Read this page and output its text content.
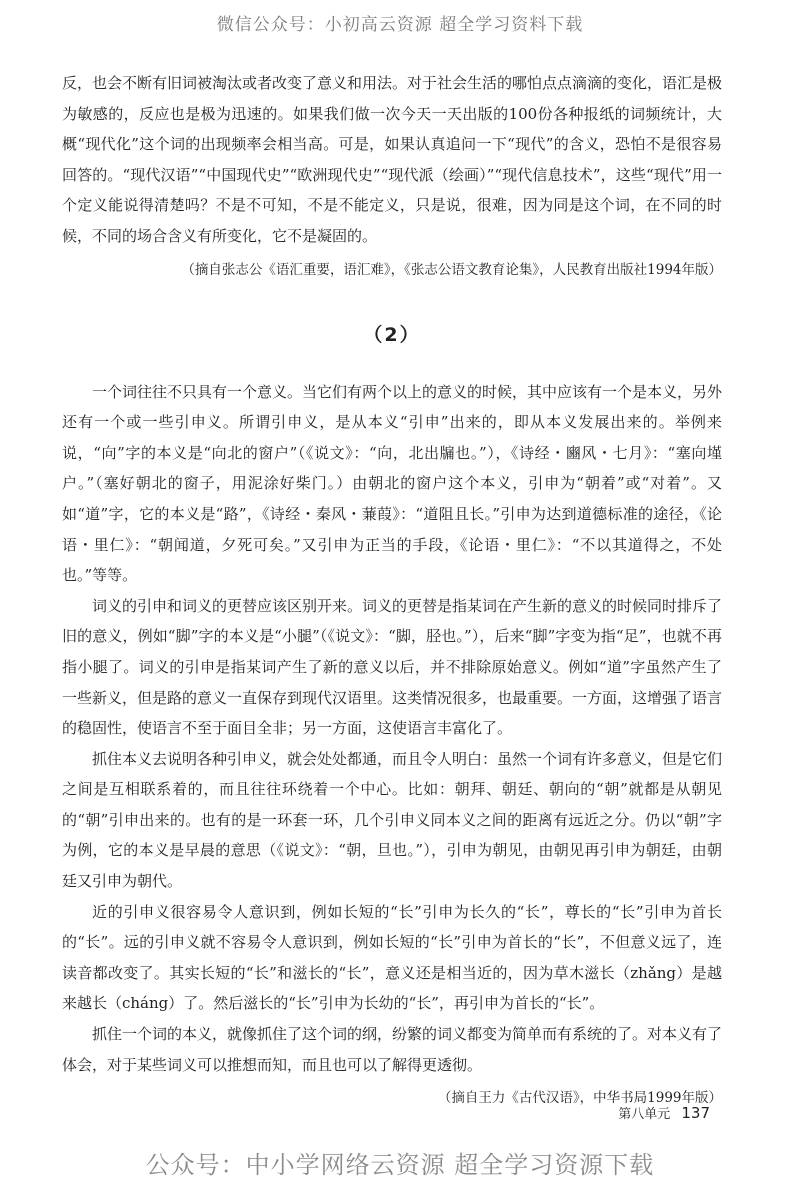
微信公众号：小初高云资源 超全学习资料下载

反，也会不断有旧词被淘汰或者改变了意义和用法。对于社会生活的哪怕点点滴滴的变化，语汇是极为敏感的，反应也是极为迅速的。如果我们做一次今天一天出版的100份各种报纸的词频统计，大概“现代化”这个词的出现频率会相当高。可是，如果认真追问一下“现代”的含义，恐怕不是很容易回答的。“现代汉语”“中国现代史”“欧洲现代史”“现代派（绘画）”“现代信息技术”，这些“现代”用一个定义能说得清楚吗？不是不可知，不是不能定义，只是说，很难，因为同是这个词，在不同的时候，不同的场合含义有所变化，它不是凝固的。

（摘自张志公《语汇重要，语汇难》，《张志公语文教育论集》，人民教育出版社1994年版）

（2）

一个词往往不只具有一个意义。当它们有两个以上的意义的时候，其中应该有一个是本义，另外还有一个或一些引申义。所谓引申义，是从本义“引申”出来的，即从本义发展出来的。举例来说，“向”字的本义是“向北的窗户”（《说文》：“向，北出牖也。”），《诗经・豳风・七月》：“塞向墐户。”（塞好朝北的窗子，用泥涂好柴门。）由朝北的窗户这个本义，引申为“朝着”或“对着”。又如“道”字，它的本义是“路”，《诗经・秦风・蒹葭》：“道阻且长。”引申为达到道德标准的途径，《论语・里仁》：“朝闻道，夕死可矣。”又引申为正当的手段，《论语・里仁》：“不以其道得之，不处也。”等等。

词义的引申和词义的更替应该区别开来。词义的更替是指某词在产生新的意义的时候同时排斥了旧的意义，例如“脚”字的本义是“小腿”（《说文》：“脚，胫也。”），后来“脚”字变为指“足”，也就不再指小腿了。词义的引申是指某词产生了新的意义以后，并不排除原始意义。例如“道”字虽然产生了一些新义，但是路的意义一直保存到现代汉语里。这类情况很多，也最重要。一方面，这增强了语言的稳固性，使语言不至于面目全非；另一方面，这使语言丰富化了。

抓住本义去说明各种引申义，就会处处都通，而且令人明白：虽然一个词有许多意义，但是它们之间是互相联系着的，而且往往环绕着一个中心。比如：朝拜、朝廷、朝向的“朝”就都是从朝见的“朝”引申出来的。也有的是一环套一环，几个引申义同本义之间的距离有远近之分。仍以“朝”字为例，它的本义是早晨的意思（《说文》：“朝，旦也。”），引申为朝见，由朝见再引申为朝廷，由朝廷又引申为朝代。

近的引申义很容易令人意识到，例如长短的“长”引申为长久的“长”，尊长的“长”引申为首长的“长”。远的引申义就不容易令人意识到，例如长短的“长”引申为首长的“长”，不但意义远了，连读音都改变了。其实长短的“长”和滋长的“长”，意义还是相当近的，因为草木滋长（zhǎng）是越来越长（cháng）了。然后滋长的“长”引申为长幼的“长”，再引申为首长的“长”。

抓住一个词的本义，就像抓住了这个词的纲，纷繁的词义都变为简单而有系统的了。对本义有了体会，对于某些词义可以推想而知，而且也可以了解得更透彻。

（摘自王力《古代汉语》，中华书局1999年版）

第八单元 137
公众号：中小学网络云资源 超全学习资源下载
